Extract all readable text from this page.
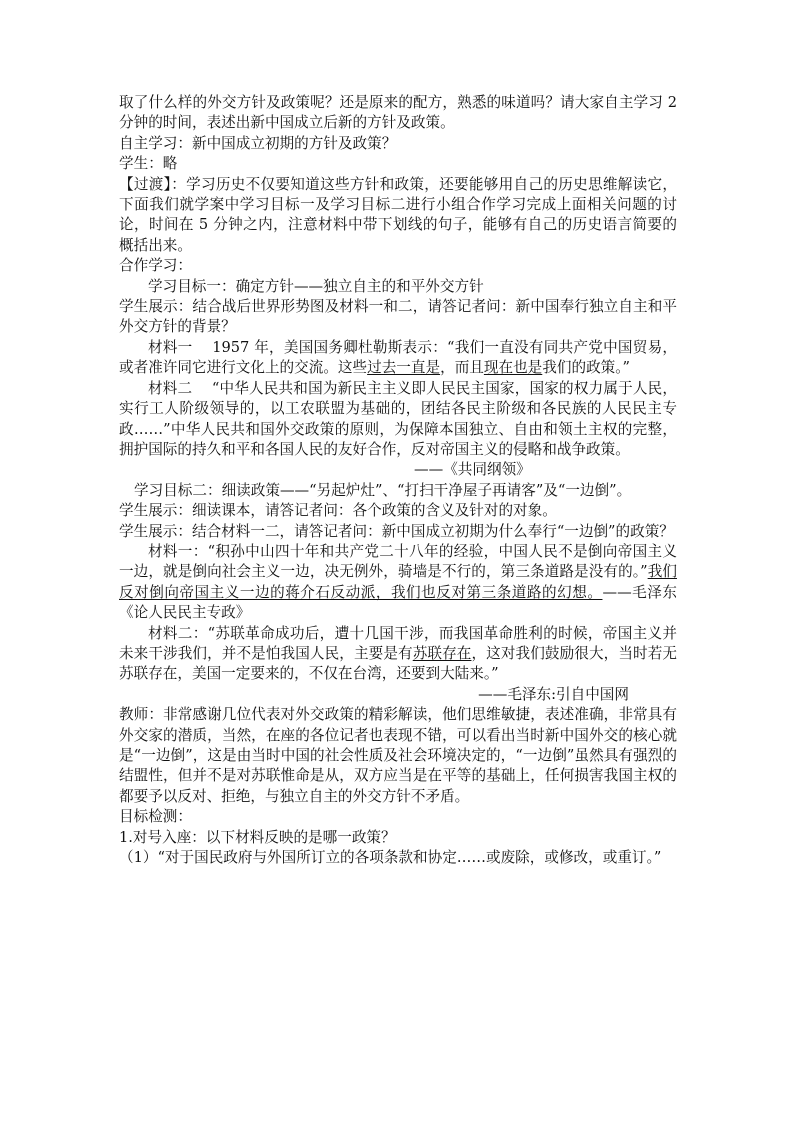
取了什么样的外交方针及政策呢？还是原来的配方，熟悉的味道吗？请大家自主学习 2 分钟的时间，表述出新中国成立后新的方针及政策。

自主学习：新中国成立初期的方针及政策？

学生：略

【过渡】：学习历史不仅要知道这些方针和政策，还要能够用自己的历史思维解读它，下面我们就学案中学习目标一及学习目标二进行小组合作学习完成上面相关问题的讨论，时间在 5 分钟之内，注意材料中带下划线的句子，能够有自己的历史语言简要的概括出来。

合作学习：

学习目标一：确定方针——独立自主的和平外交方针

学生展示：结合战后世界形势图及材料一和二，请答记者问：新中国奉行独立自主和平外交方针的背景？

材料一　 1957 年，美国国务卿杜勒斯表示：“我们一直没有同共产党中国贸易，或者准许同它进行文化上的交流。这些过去一直是，而且现在也是我们的政策。”

材料二　 “中华人民共和国为新民主主义即人民民主国家，国家的权力属于人民，实行工人阶级领导的，以工农联盟为基础的，团结各民主阶级和各民族的人民民主专政……”中华人民共和国外交政策的原则，为保障本国独立、自由和领土主权的完整，拥护国际的持久和平和各国人民的友好合作，反对帝国主义的侵略和战争政策。

——《共同纲领》

学习目标二：细读政策——“另起炉灶”、“打扫干净屋子再请客”及“一边倒”。

学生展示：细读课本，请答记者问：各个政策的含义及针对的对象。

学生展示：结合材料一二，请答记者问：新中国成立初期为什么奉行“一边倒”的政策？

材料一：“积孙中山四十年和共产党二十八年的经验，中国人民不是倒向帝国主义一边，就是倒向社会主义一边，决无例外，骑墙是不行的，第三条道路是没有的。”我们反对倒向帝国主义一边的蒋介石反动派，我们也反对第三条道路的幻想。——毛泽东《论人民民主专政》

材料二：“苏联革命成功后，遭十几国干涉，而我国革命胜利的时候，帝国主义并未来干涉我们，并不是怕我国人民，主要是有苏联存在，这对我们鼓励很大，当时若无苏联存在，美国一定要来的，不仅在台湾，还要到大陆来。”

——毛泽东:引自中国网

教师：非常感谢几位代表对外交政策的精彩解读，他们思维敏捷，表述准确，非常具有外交家的潜质，当然，在座的各位记者也表现不错，可以看出当时新中国外交的核心就是“一边倒”，这是由当时中国的社会性质及社会环境决定的，“一边倒”虽然具有强烈的结盟性，但并不是对苏联惟命是从，双方应当是在平等的基础上，任何损害我国主权的都要予以反对、拒绝，与独立自主的外交方针不矛盾。

目标检测：

1.对号入座：以下材料反映的是哪一政策？

（1）“对于国民政府与外国所订立的各项条款和协定……或废除，或修改，或重订。”
